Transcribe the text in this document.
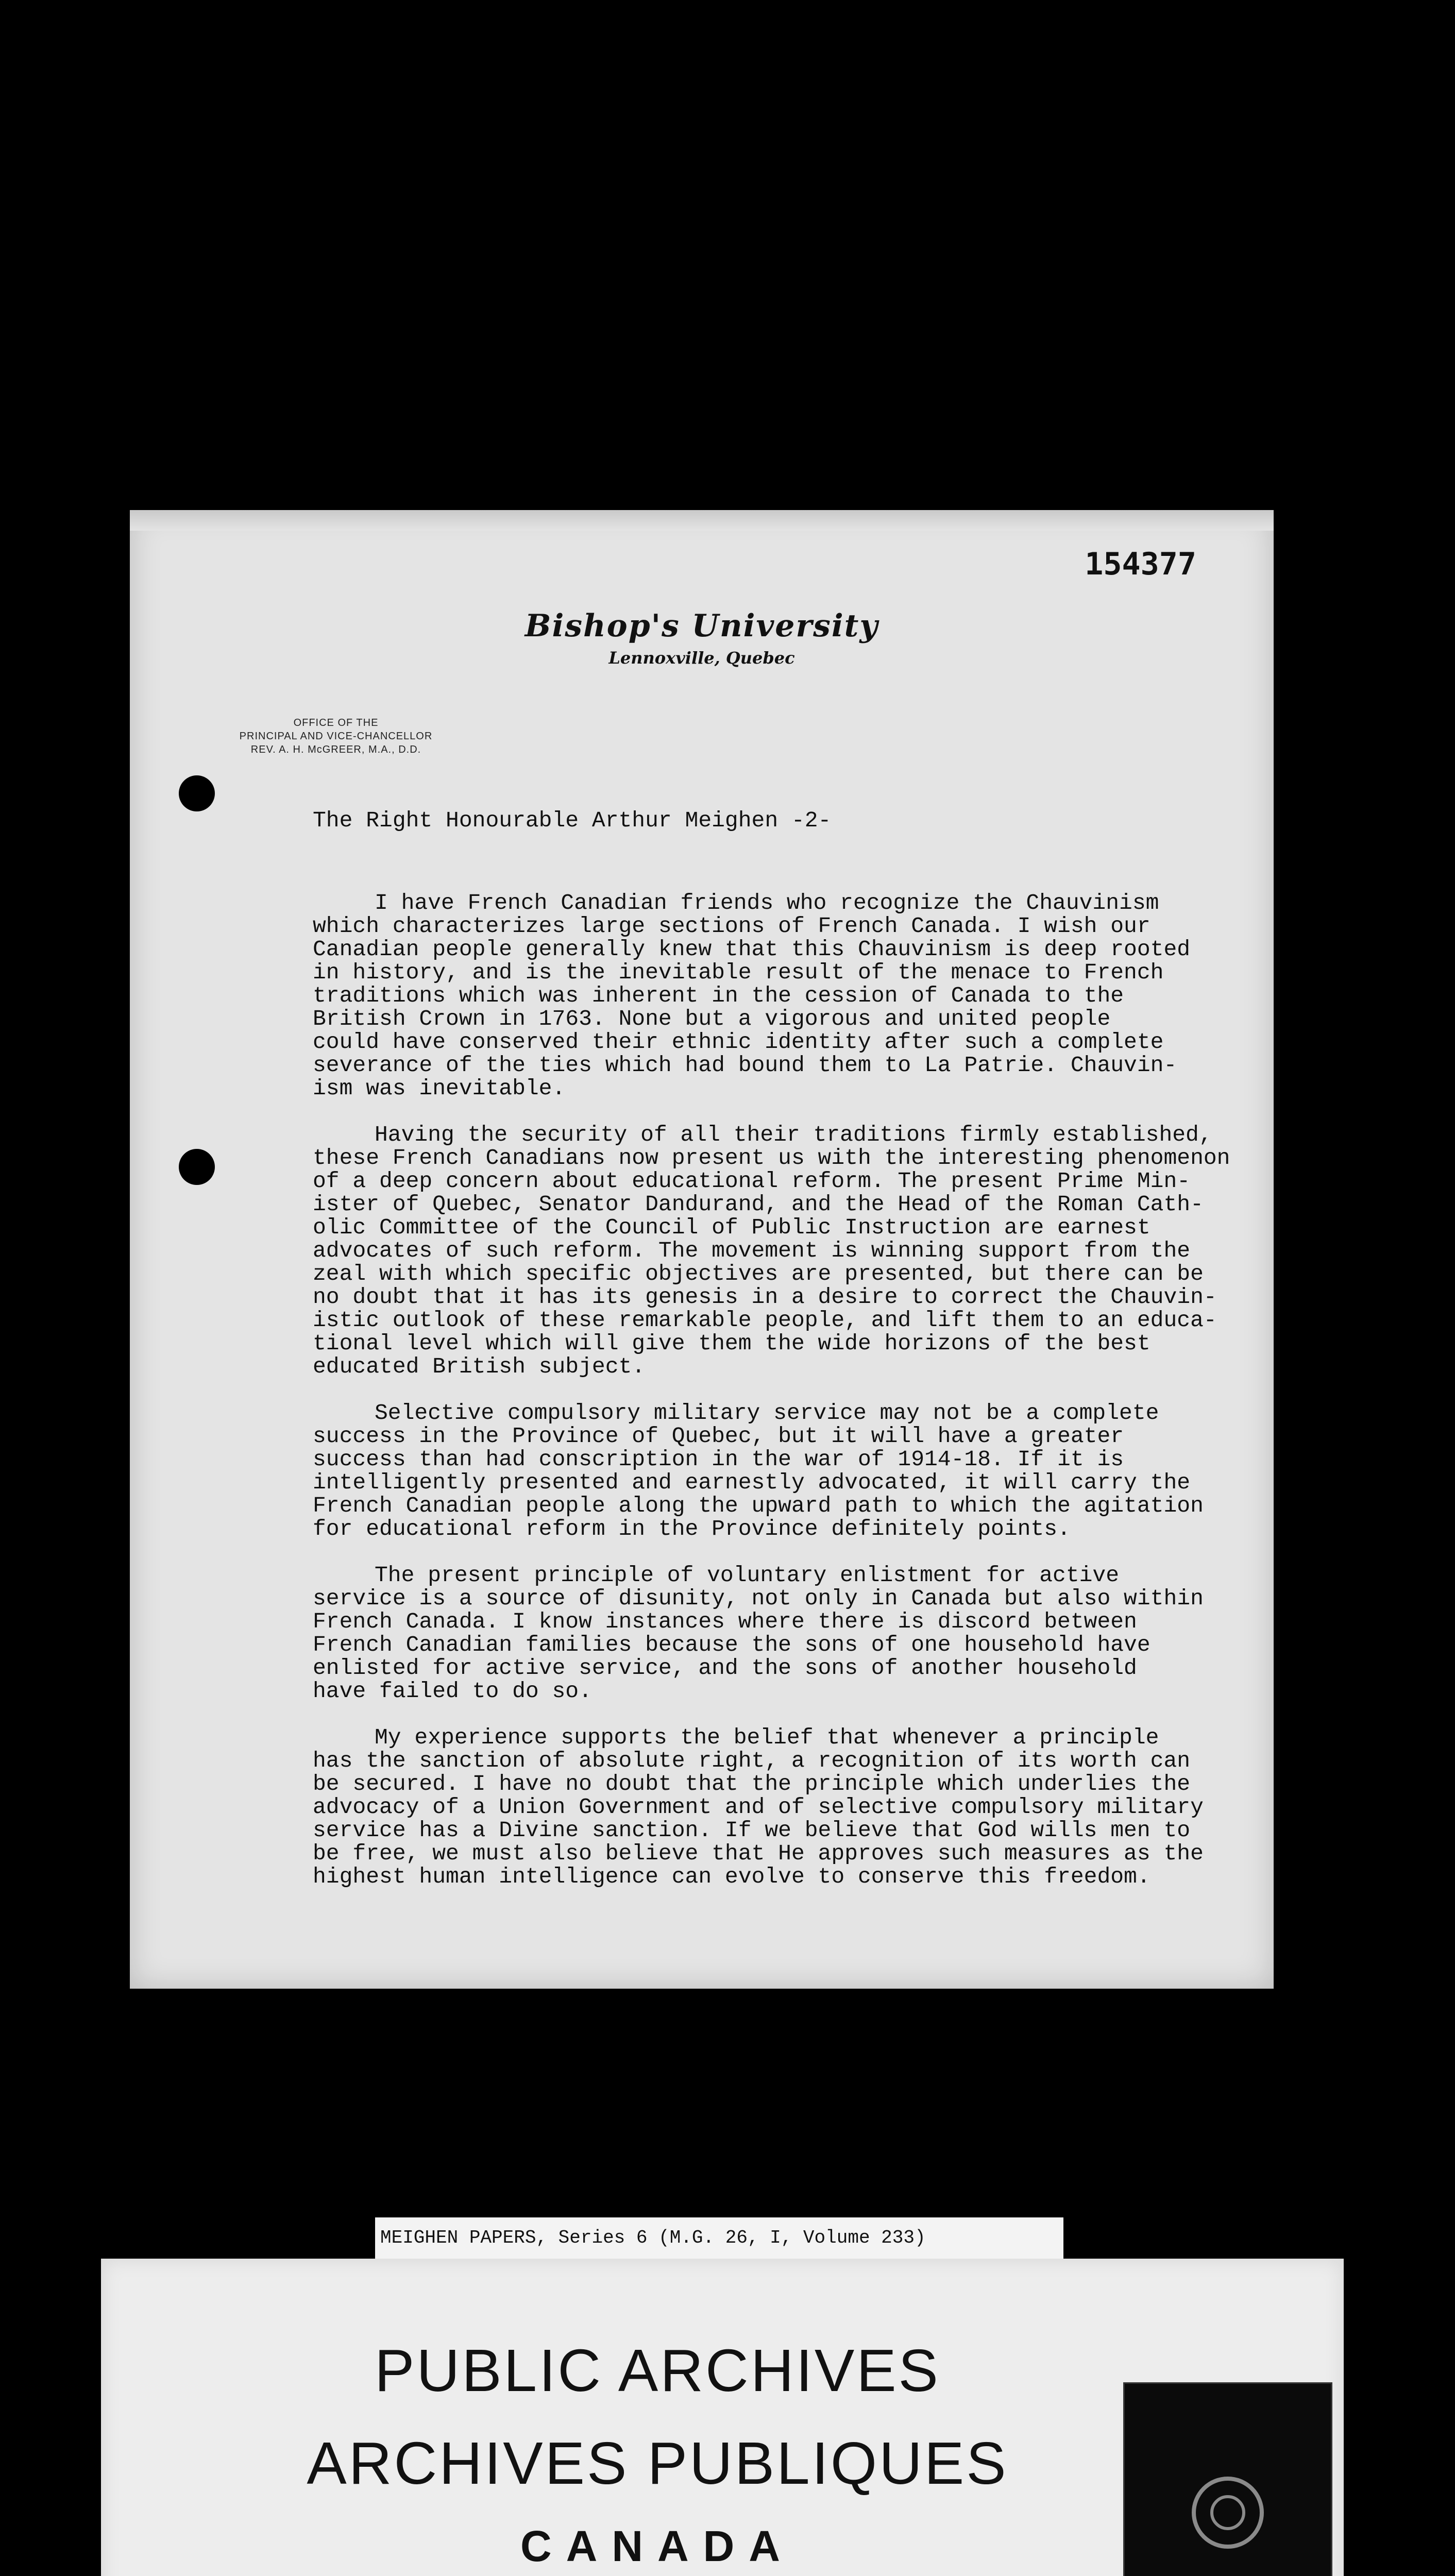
154377
Bishop's University
Lennoxville, Quebec
OFFICE OF THE
PRINCIPAL AND VICE-CHANCELLOR
REV. A. H. McGREER, M.A., D.D.
The Right Honourable Arthur Meighen -2-

I have French Canadian friends who recognize the Chauvinism
which characterizes large sections of French Canada. I wish our
Canadian people generally knew that this Chauvinism is deep rooted
in history, and is the inevitable result of the menace to French
traditions which was inherent in the cession of Canada to the
British Crown in 1763. None but a vigorous and united people
could have conserved their ethnic identity after such a complete
severance of the ties which had bound them to La Patrie. Chauvin-
ism was inevitable.

Having the security of all their traditions firmly established,
these French Canadians now present us with the interesting phenomenon
of a deep concern about educational reform. The present Prime Min-
ister of Quebec, Senator Dandurand, and the Head of the Roman Cath-
olic Committee of the Council of Public Instruction are earnest
advocates of such reform. The movement is winning support from the
zeal with which specific objectives are presented, but there can be
no doubt that it has its genesis in a desire to correct the Chauvin-
istic outlook of these remarkable people, and lift them to an educa-
tional level which will give them the wide horizons of the best
educated British subject.

Selective compulsory military service may not be a complete
success in the Province of Quebec, but it will have a greater
success than had conscription in the war of 1914-18. If it is
intelligently presented and earnestly advocated, it will carry the
French Canadian people along the upward path to which the agitation
for educational reform in the Province definitely points.

The present principle of voluntary enlistment for active
service is a source of disunity, not only in Canada but also within
French Canada. I know instances where there is discord between
French Canadian families because the sons of one household have
enlisted for active service, and the sons of another household
have failed to do so.

My experience supports the belief that whenever a principle
has the sanction of absolute right, a recognition of its worth can
be secured. I have no doubt that the principle which underlies the
advocacy of a Union Government and of selective compulsory military
service has a Divine sanction. If we believe that God wills men to
be free, we must also believe that He approves such measures as the
highest human intelligence can evolve to conserve this freedom.

MEIGHEN PAPERS, Series 6 (M.G. 26, I, Volume 233)
PUBLIC ARCHIVES
ARCHIVES PUBLIQUES
CANADA
